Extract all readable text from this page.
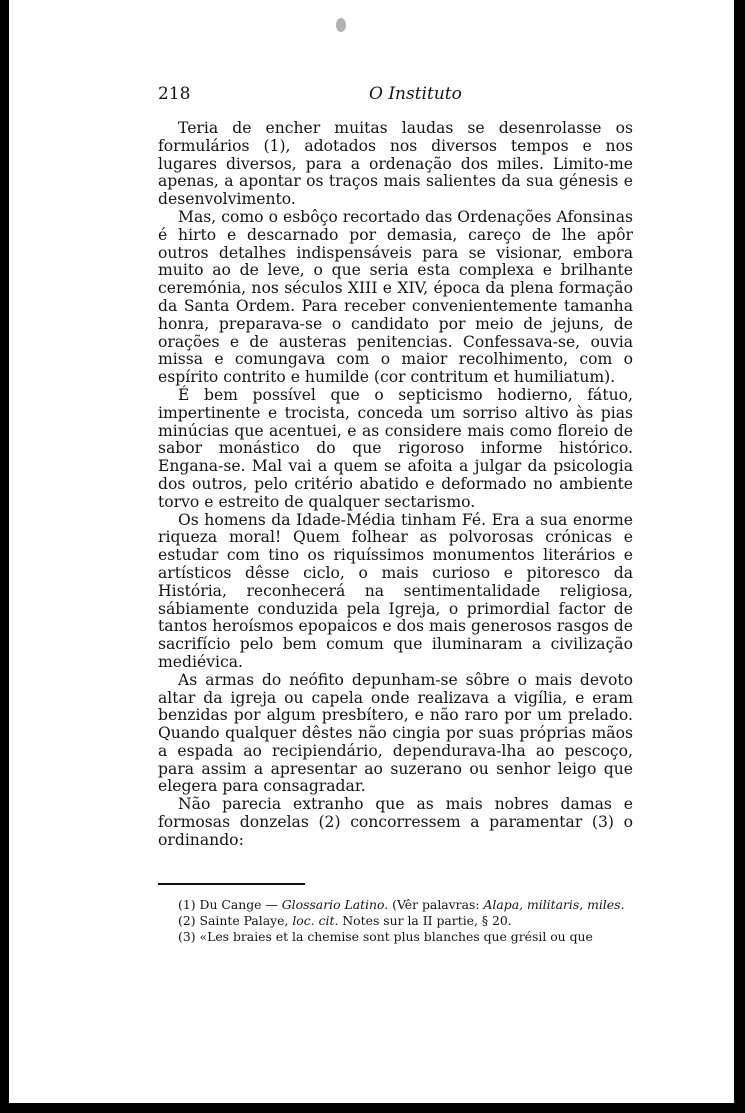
218	O Instituto

Teria de encher muitas laudas se desenrolasse os formulários (1), adotados nos diversos tempos e nos lugares diversos, para a ordenação dos miles. Limito-me apenas, a apontar os traços mais salientes da sua génesis e desenvolvimento.

Mas, como o esbôço recortado das Ordenações Afonsinas é hirto e descarnado por demasia, careço de lhe apôr outros detalhes indispensáveis para se visionar, embora muito ao de leve, o que seria esta complexa e brilhante ceremónia, nos séculos XIII e XIV, época da plena formação da Santa Ordem. Para receber convenientemente tamanha honra, preparava-se o candidato por meio de jejuns, de orações e de austeras penitencias. Confessava-se, ouvia missa e comungava com o maior recolhimento, com o espírito contrito e humilde (cor contritum et humiliatum).

É bem possível que o septicismo hodierno, fátuo, impertinente e trocista, conceda um sorriso altivo às pias minúcias que acentuei, e as considere mais como floreio de sabor monástico do que rigoroso informe histórico. Engana-se. Mal vai a quem se afoita a julgar da psicologia dos outros, pelo critério abatido e deformado no ambiente torvo e estreito de qualquer sectarismo.

Os homens da Idade-Média tinham Fé. Era a sua enorme riqueza moral! Quem folhear as polvorosas crónicas e estudar com tino os riquíssimos monumentos literários e artísticos dêsse ciclo, o mais curioso e pitoresco da História, reconhecerá na sentimentalidade religiosa, sábiamente conduzida pela Igreja, o primordial factor de tantos heroísmos epopaicos e dos mais generosos rasgos de sacrifício pelo bem comum que iluminaram a civilização mediévica.

As armas do neófito depunham-se sôbre o mais devoto altar da igreja ou capela onde realizava a vigília, e eram benzidas por algum presbítero, e não raro por um prelado. Quando qualquer dêstes não cingia por suas próprias mãos a espada ao recipiendário, dependurava-lha ao pescoço, para assim a apresentar ao suzerano ou senhor leigo que elegera para consagradar.

Não parecia extranho que as mais nobres damas e formosas donzelas (2) concorressem a paramentar (3) o ordinando:

(1) Du Cange — Glossario Latino. (Vêr palavras: Alapa, militaris, miles.

(2) Sainte Palaye, loc. cit. Notes sur la II partie, § 20.

(3) «Les braies et la chemise sont plus blanches que grésil ou que
